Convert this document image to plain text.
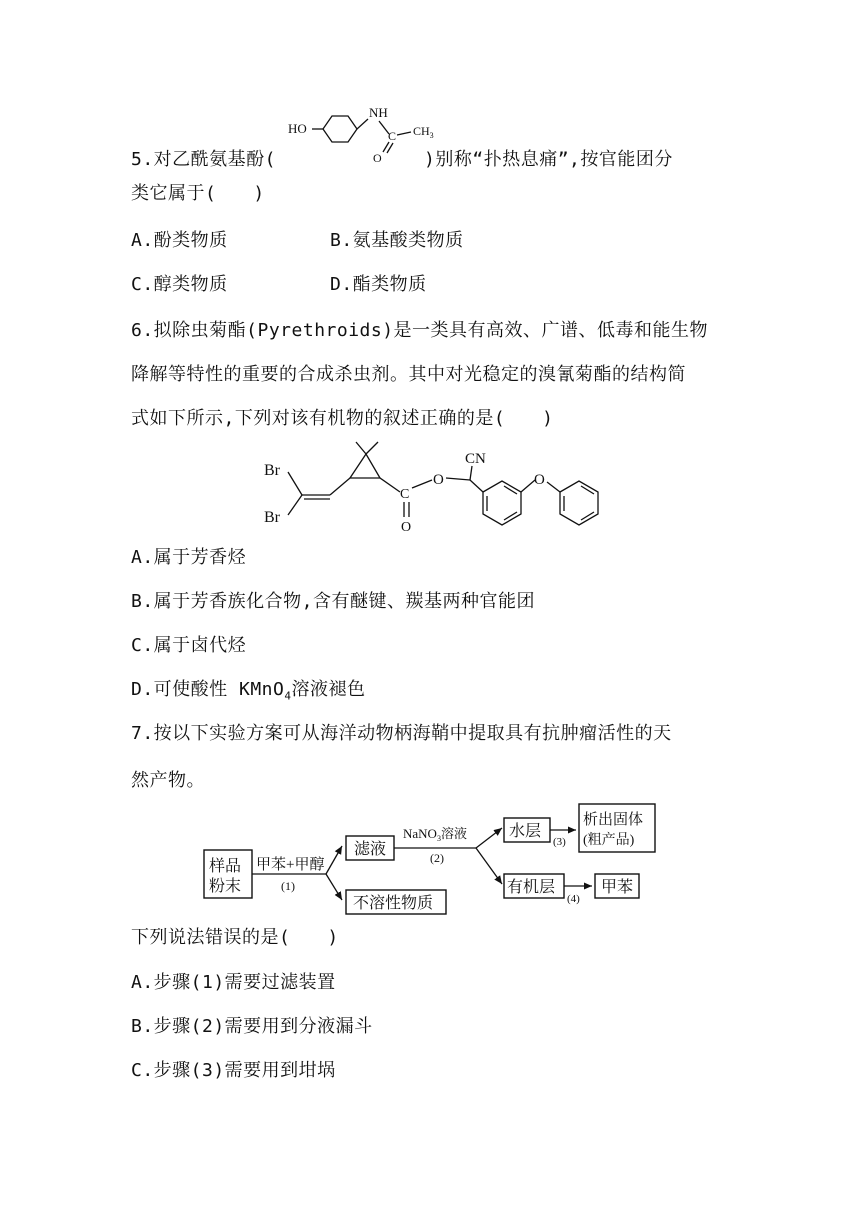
5.对乙酰氨基酚(	)别称“扑热息痛”,按官能团分
HO
NH
C $CH_3$
O
类它属于(　　)
A.酚类物质	B.氨基酸类物质
C.醇类物质	D.酯类物质
6.拟除虫菊酯(Pyrethroids)是一类具有高效、广谱、低毒和能生物
降解等特性的重要的合成杀虫剂。其中对光稳定的溴氰菊酯的结构简
式如下所示,下列对该有机物的叙述正确的是(　　)
Br
Br
C
O
O
CN
O
A.属于芳香烃
B.属于芳香族化合物,含有醚键、羰基两种官能团
C.属于卤代烃
D.可使酸性 KMnO$_4$溶液褪色
7.按以下实验方案可从海洋动物柄海鞘中提取具有抗肿瘤活性的天
然产物。
样品
粉末
甲苯+甲醇
(1)
滤液
不溶性物质
NaNO$_3$溶液
(2)
水层
(3)
析出固体
(粗产品)
有机层
(4)
甲苯
下列说法错误的是(　　)
A.步骤(1)需要过滤装置
B.步骤(2)需要用到分液漏斗
C.步骤(3)需要用到坩埚
